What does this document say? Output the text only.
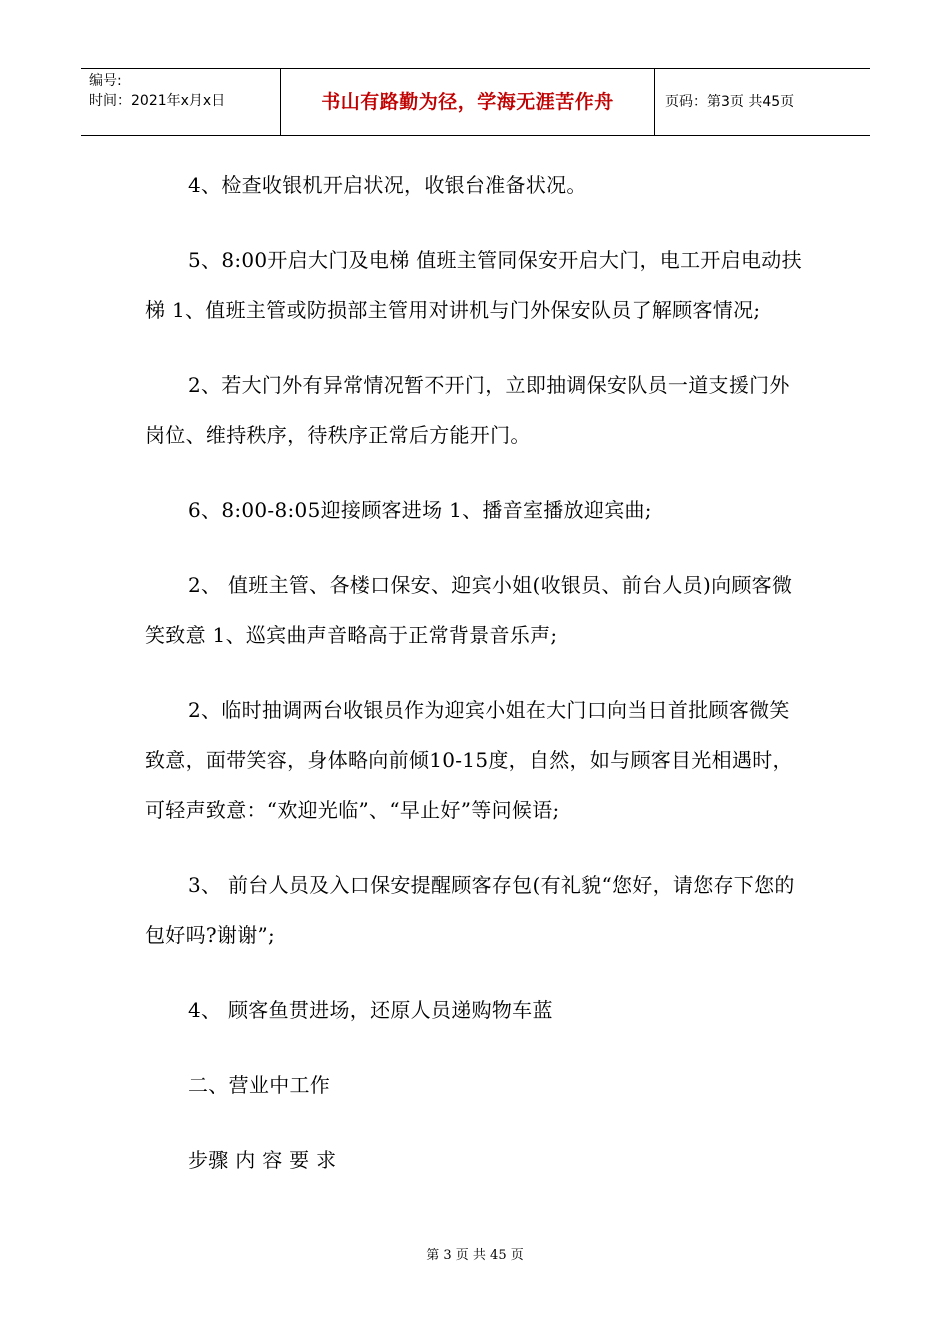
编号:
时间：2021年x月x日	书山有路勤为径，学海无涯苦作舟	页码：第3页 共45页

4、检查收银机开启状况，收银台准备状况。

5、8:00开启大门及电梯 值班主管同保安开启大门，电工开启电动扶梯 1、值班主管或防损部主管用对讲机与门外保安队员了解顾客情况;

2、若大门外有异常情况暂不开门，立即抽调保安队员一道支援门外岗位、维持秩序，待秩序正常后方能开门。

6、8:00-8:05迎接顾客进场 1、播音室播放迎宾曲;

2、 值班主管、各楼口保安、迎宾小姐(收银员、前台人员)向顾客微笑致意 1、巡宾曲声音略高于正常背景音乐声;

2、临时抽调两台收银员作为迎宾小姐在大门口向当日首批顾客微笑致意，面带笑容，身体略向前倾10-15度，自然，如与顾客目光相遇时，可轻声致意：“欢迎光临”、“早止好”等问候语;

3、 前台人员及入口保安提醒顾客存包(有礼貌“您好，请您存下您的包好吗?谢谢”;

4、 顾客鱼贯进场，还原人员递购物车蓝

二、营业中工作

步骤 内 容 要 求

第 3 页 共 45 页
